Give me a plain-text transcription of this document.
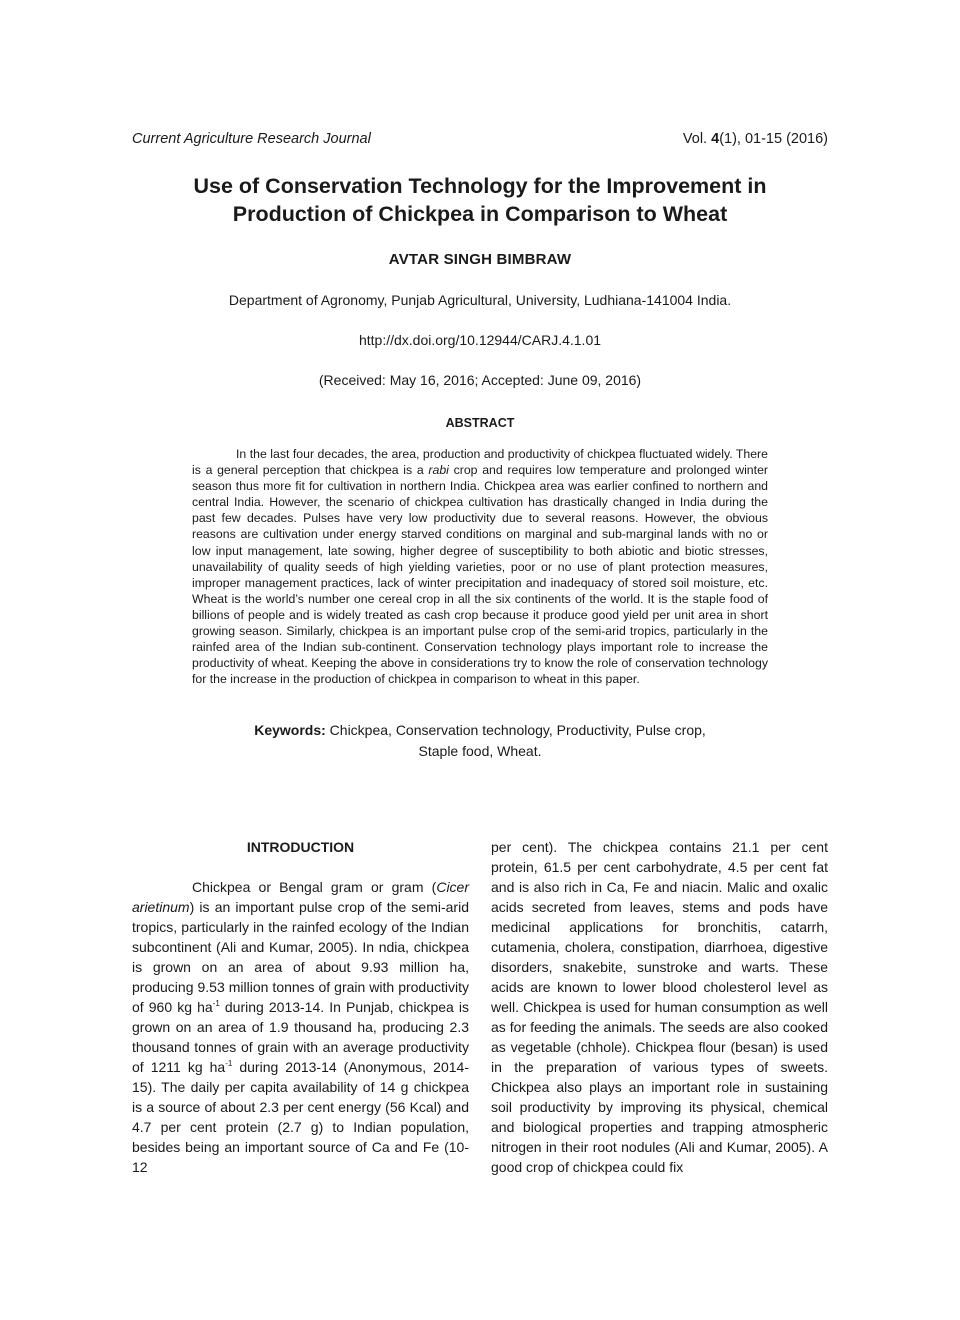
Current Agriculture Research Journal	Vol. 4(1), 01-15 (2016)
Use of Conservation Technology for the Improvement in
Production of Chickpea in Comparison to Wheat
AVTAR SINGH BIMBRAW
Department of Agronomy, Punjab Agricultural, University, Ludhiana-141004 India.
http://dx.doi.org/10.12944/CARJ.4.1.01
(Received: May 16, 2016; Accepted: June 09, 2016)
ABSTRACT

In the last four decades, the area, production and productivity of chickpea fluctuated widely. There is a general perception that chickpea is a rabi crop and requires low temperature and prolonged winter season thus more fit for cultivation in northern India. Chickpea area was earlier confined to northern and central India. However, the scenario of chickpea cultivation has drastically changed in India during the past few decades. Pulses have very low productivity due to several reasons. However, the obvious reasons are cultivation under energy starved conditions on marginal and sub-marginal lands with no or low input management, late sowing, higher degree of susceptibility to both abiotic and biotic stresses, unavailability of quality seeds of high yielding varieties, poor or no use of plant protection measures, improper management practices, lack of winter precipitation and inadequacy of stored soil moisture, etc. Wheat is the world’s number one cereal crop in all the six continents of the world. It is the staple food of billions of people and is widely treated as cash crop because it produce good yield per unit area in short growing season. Similarly, chickpea is an important pulse crop of the semi-arid tropics, particularly in the rainfed area of the Indian sub-continent. Conservation technology plays important role to increase the productivity of wheat. Keeping the above in considerations try to know the role of conservation technology for the increase in the production of chickpea in comparison to wheat in this paper.

Keywords: Chickpea, Conservation technology, Productivity, Pulse crop, Staple food, Wheat.
INTRODUCTION

Chickpea or Bengal gram or gram (Cicer arietinum) is an important pulse crop of the semi-arid tropics, particularly in the rainfed ecology of the Indian subcontinent (Ali and Kumar, 2005). In ndia, chickpea is grown on an area of about 9.93 million ha, producing 9.53 million tonnes of grain with productivity of 960 kg $ha^{-1}$ during 2013-14. In Punjab, chickpea is grown on an area of 1.9 thousand ha, producing 2.3 thousand tonnes of grain with an average productivity of 1211 kg $ha^{-1}$ during 2013-14 (Anonymous, 2014-15). The daily per capita availability of 14 g chickpea is a source of about 2.3 per cent energy (56 Kcal) and 4.7 per cent protein (2.7 g) to Indian population, besides being an important source of Ca and Fe (10-12

per cent). The chickpea contains 21.1 per cent protein, 61.5 per cent carbohydrate, 4.5 per cent fat and is also rich in Ca, Fe and niacin. Malic and oxalic acids secreted from leaves, stems and pods have medicinal applications for bronchitis, catarrh, cutamenia, cholera, constipation, diarrhoea, digestive disorders, snakebite, sunstroke and warts. These acids are known to lower blood cholesterol level as well. Chickpea is used for human consumption as well as for feeding the animals. The seeds are also cooked as vegetable (chhole). Chickpea flour (besan) is used in the preparation of various types of sweets. Chickpea also plays an important role in sustaining soil productivity by improving its physical, chemical and biological properties and trapping atmospheric nitrogen in their root nodules (Ali and Kumar, 2005). A good crop of chickpea could fix
